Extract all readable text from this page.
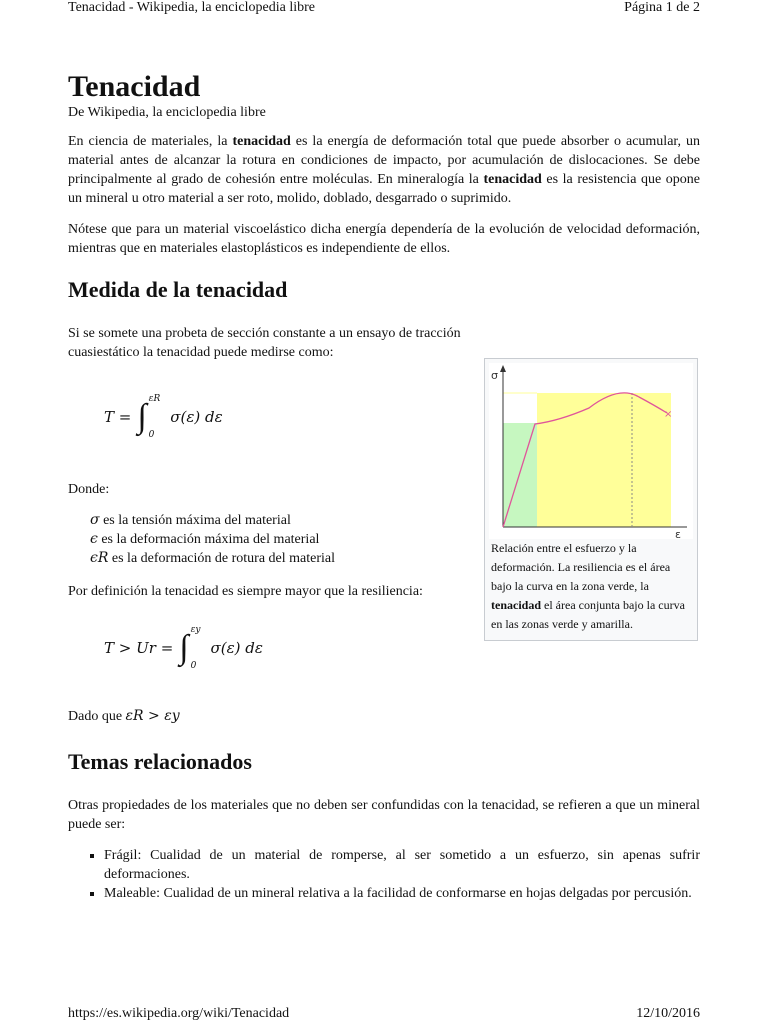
Tenacidad - Wikipedia, la enciclopedia libre	Página 1 de 2
Tenacidad
De Wikipedia, la enciclopedia libre

En ciencia de materiales, la tenacidad es la energía de deformación total que puede absorber o acumular, un material antes de alcanzar la rotura en condiciones de impacto, por acumulación de dislocaciones. Se debe principalmente al grado de cohesión entre moléculas. En mineralogía la tenacidad es la resistencia que opone un mineral u otro material a ser roto, molido, doblado, desgarrado o suprimido.

Nótese que para un material viscoelástico dicha energía dependería de la evolución de velocidad deformación, mientras que en materiales elastoplásticos es independiente de ellos.

Medida de la tenacidad

Si se somete una probeta de sección constante a un ensayo de tracción cuasiestático la tenacidad puede medirse como:

T = ∫ εR
0
σ(ε) dε

Donde:

σ es la tensión máxima del material
ϵ es la deformación máxima del material
ϵR es la deformación de rotura del material

Por definición la tenacidad es siempre mayor que la resiliencia:

T > Ur = ∫ εy
0
σ(ε) dε

Dado que εR > εy

×
σ
ε
Relación entre el esfuerzo y la deformación. La resiliencia es el área bajo la curva en la zona verde, la tenacidad el área conjunta bajo la curva en las zonas verde y amarilla.
Temas relacionados

Otras propiedades de los materiales que no deben ser confundidas con la tenacidad, se refieren a que un mineral puede ser:

▪ Frágil: Cualidad de un material de romperse, al ser sometido a un esfuerzo, sin apenas sufrir deformaciones.
▪ Maleable: Cualidad de un mineral relativa a la facilidad de conformarse en hojas delgadas por percusión.
https://es.wikipedia.org/wiki/Tenacidad	12/10/2016
